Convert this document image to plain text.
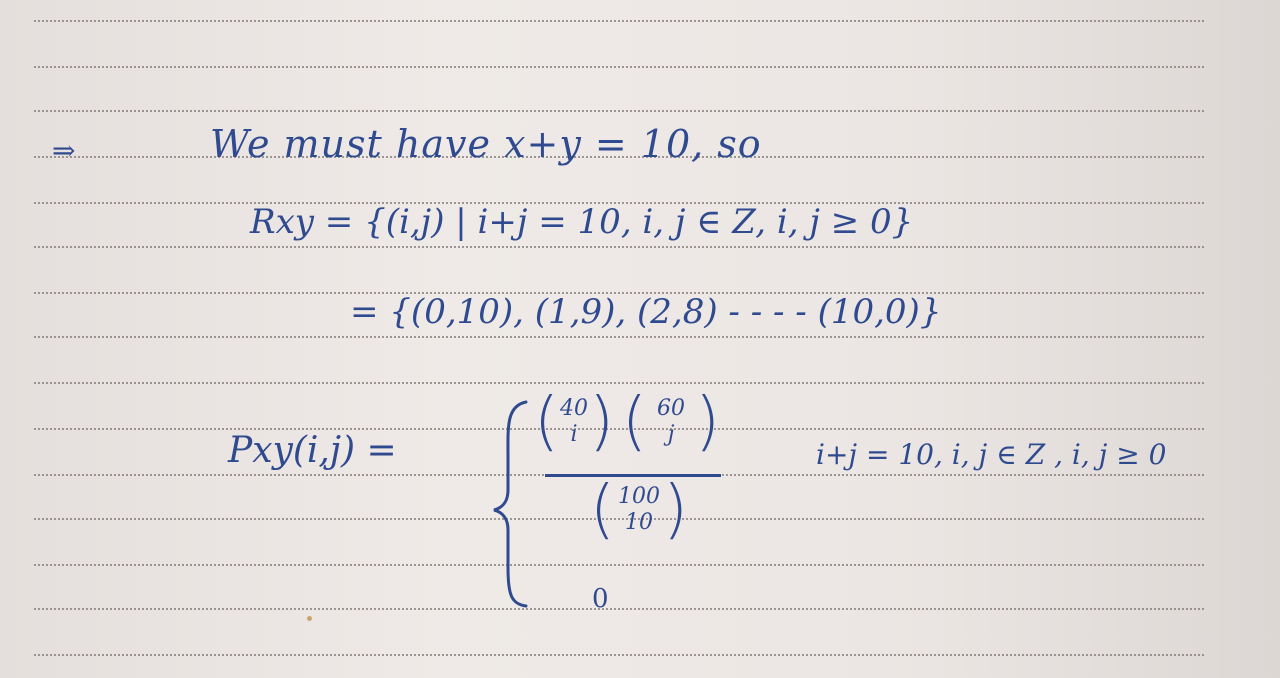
⇒	We must have x+y = 10, so
Rxy = {(i,j) | i+j = 10, i, j ∈ Z, i, j ≥ 0}
= {(0,10), (1,9), (2,8) - - - - (10,0)}
Pxy(i,j) = ( 40
i ) ( 60
j )
( 100
10 )
i+j = 10, i, j ∈ Z , i, j ≥ 0
0
